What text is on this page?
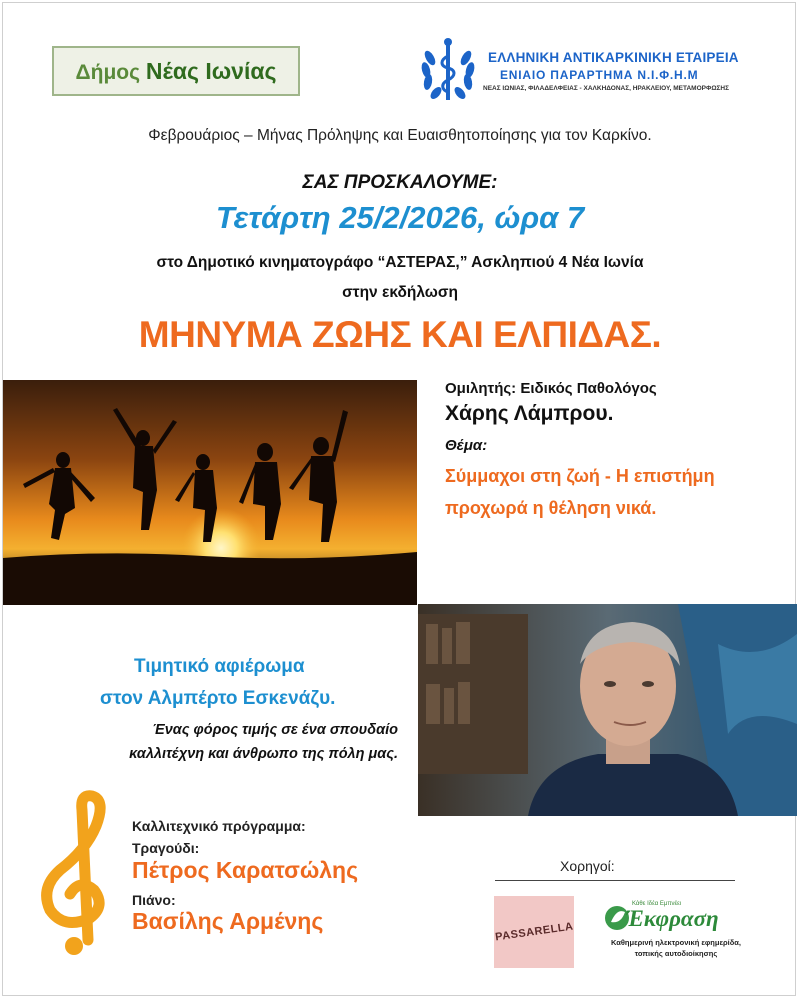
Δήμος Νέας Ιωνίας	ΕΛΛΗΝΙΚΗ ΑΝΤΙΚΑΡΚΙΝΙΚΗ ΕΤΑΙΡΕΙΑ
ΕΝΙΑΙΟ ΠΑΡΑΡΤΗΜΑ Ν.Ι.Φ.Η.Μ
ΝΕΑΣ ΙΩΝΙΑΣ, ΦΙΛΑΔΕΛΦΕΙΑΣ - ΧΑΛΚΗΔΟΝΑΣ, ΗΡΑΚΛΕΙΟΥ, ΜΕΤΑΜΟΡΦΩΣΗΣ
Φεβρουάριος – Μήνας Πρόληψης και Ευαισθητοποίησης για τον Καρκίνο.
ΣΑΣ ΠΡΟΣΚΑΛΟΥΜΕ:
Τετάρτη 25/2/2026, ώρα 7
στο Δημοτικό κινηματογράφο “ΑΣΤΕΡΑΣ,” Ασκληπιού 4 Νέα Ιωνία
στην εκδήλωση
ΜΗΝΥΜΑ ΖΩΗΣ ΚΑΙ ΕΛΠΙΔΑΣ.
Ομιλητής: Ειδικός Παθολόγος
Χάρης Λάμπρου.
Θέμα:
Σύμμαχοι στη ζωή - Η επιστήμη
προχωρά η θέληση νικά.
Τιμητικό αφιέρωμα
στον Αλμπέρτο Εσκενάζυ.
Ένας φόρος τιμής σε ένα σπουδαίο
καλλιτέχνη και άνθρωπο της πόλη μας.
Καλλιτεχνικό πρόγραμμα:
Τραγούδι:
Πέτρος Καρατσώλης
Πιάνο:
Βασίλης Αρμένης
Χορηγοί:
PASSARELLA
Κάθε Ιδέα Εμπνέει
Έκφραση
Καθημερινή ηλεκτρονική εφημερίδα,
τοπικής αυτοδιοίκησης
